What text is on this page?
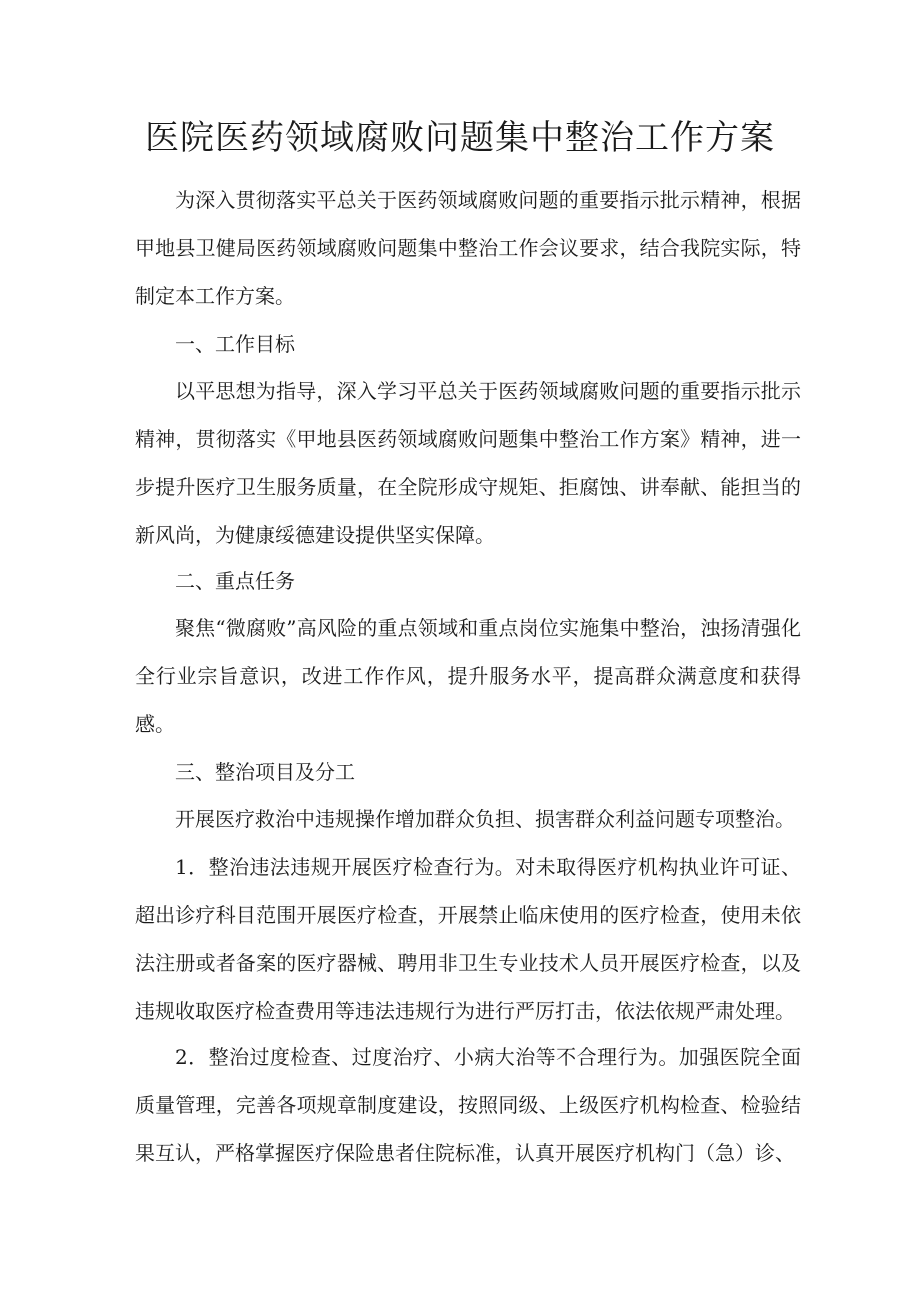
医院医药领域腐败问题集中整治工作方案

为深入贯彻落实平总关于医药领域腐败问题的重要指示批示精神，根据甲地县卫健局医药领域腐败问题集中整治工作会议要求，结合我院实际，特制定本工作方案。

一、工作目标

以平思想为指导，深入学习平总关于医药领域腐败问题的重要指示批示精神，贯彻落实《甲地县医药领域腐败问题集中整治工作方案》精神，进一步提升医疗卫生服务质量，在全院形成守规矩、拒腐蚀、讲奉献、能担当的新风尚，为健康绥德建设提供坚实保障。

二、重点任务

聚焦“微腐败”高风险的重点领域和重点岗位实施集中整治，浊扬清强化全行业宗旨意识，改进工作作风，提升服务水平，提高群众满意度和获得感。

三、整治项目及分工

开展医疗救治中违规操作增加群众负担、损害群众利益问题专项整治。

1．整治违法违规开展医疗检查行为。对未取得医疗机构执业许可证、超出诊疗科目范围开展医疗检查，开展禁止临床使用的医疗检查，使用未依法注册或者备案的医疗器械、聘用非卫生专业技术人员开展医疗检查，以及违规收取医疗检查费用等违法违规行为进行严厉打击，依法依规严肃处理。

2．整治过度检查、过度治疗、小病大治等不合理行为。加强医院全面质量管理，完善各项规章制度建设，按照同级、上级医疗机构检查、检验结果互认，严格掌握医疗保险患者住院标准，认真开展医疗机构门（急）诊、
